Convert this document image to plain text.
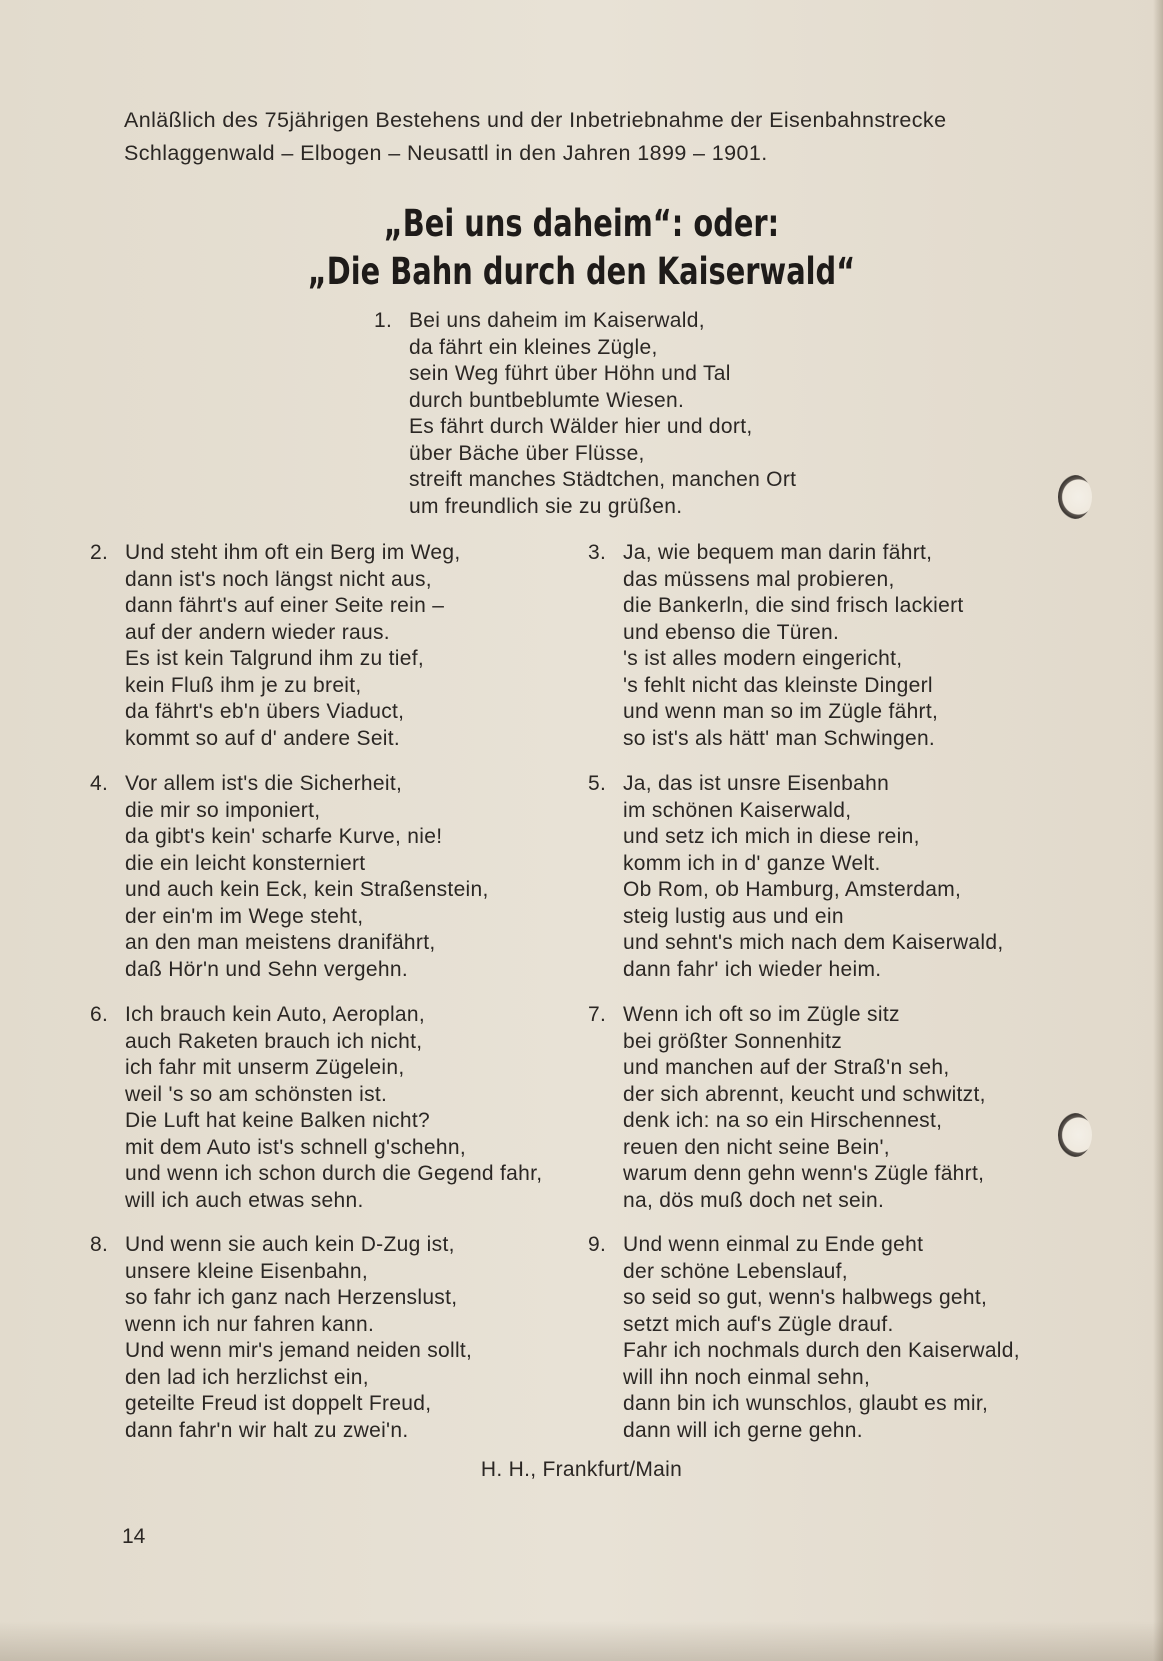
Anläßlich des 75jährigen Bestehens und der Inbetriebnahme der Eisenbahnstrecke
Schlaggenwald – Elbogen – Neusattl in den Jahren 1899 – 1901.

„Bei uns daheim“: oder:
„Die Bahn durch den Kaiserwald“
1. Bei uns daheim im Kaiserwald,
da fährt ein kleines Zügle,
sein Weg führt über Höhn und Tal
durch buntbeblumte Wiesen.
Es fährt durch Wälder hier und dort,
über Bäche über Flüsse,
streift manches Städtchen, manchen Ort
um freundlich sie zu grüßen.
2. Und steht ihm oft ein Berg im Weg,
dann ist's noch längst nicht aus,
dann fährt's auf einer Seite rein –
auf der andern wieder raus.
Es ist kein Talgrund ihm zu tief,
kein Fluß ihm je zu breit,
da fährt's eb'n übers Viaduct,
kommt so auf d' andere Seit.
3. Ja, wie bequem man darin fährt,
das müssens mal probieren,
die Bankerln, die sind frisch lackiert
und ebenso die Türen.
's ist alles modern eingericht,
's fehlt nicht das kleinste Dingerl
und wenn man so im Zügle fährt,
so ist's als hätt' man Schwingen.
4. Vor allem ist's die Sicherheit,
die mir so imponiert,
da gibt's kein' scharfe Kurve, nie!
die ein leicht konsterniert
und auch kein Eck, kein Straßenstein,
der ein'm im Wege steht,
an den man meistens dranifährt,
daß Hör'n und Sehn vergehn.
5. Ja, das ist unsre Eisenbahn
im schönen Kaiserwald,
und setz ich mich in diese rein,
komm ich in d' ganze Welt.
Ob Rom, ob Hamburg, Amsterdam,
steig lustig aus und ein
und sehnt's mich nach dem Kaiserwald,
dann fahr' ich wieder heim.
6. Ich brauch kein Auto, Aeroplan,
auch Raketen brauch ich nicht,
ich fahr mit unserm Zügelein,
weil 's so am schönsten ist.
Die Luft hat keine Balken nicht?
mit dem Auto ist's schnell g'schehn,
und wenn ich schon durch die Gegend fahr,
will ich auch etwas sehn.
7. Wenn ich oft so im Zügle sitz
bei größter Sonnenhitz
und manchen auf der Straß'n seh,
der sich abrennt, keucht und schwitzt,
denk ich: na so ein Hirschennest,
reuen den nicht seine Bein',
warum denn gehn wenn's Zügle fährt,
na, dös muß doch net sein.
8. Und wenn sie auch kein D-Zug ist,
unsere kleine Eisenbahn,
so fahr ich ganz nach Herzenslust,
wenn ich nur fahren kann.
Und wenn mir's jemand neiden sollt,
den lad ich herzlichst ein,
geteilte Freud ist doppelt Freud,
dann fahr'n wir halt zu zwei'n.
9. Und wenn einmal zu Ende geht
der schöne Lebenslauf,
so seid so gut, wenn's halbwegs geht,
setzt mich auf's Zügle drauf.
Fahr ich nochmals durch den Kaiserwald,
will ihn noch einmal sehn,
dann bin ich wunschlos, glaubt es mir,
dann will ich gerne gehn.
H. H., Frankfurt/Main
14
